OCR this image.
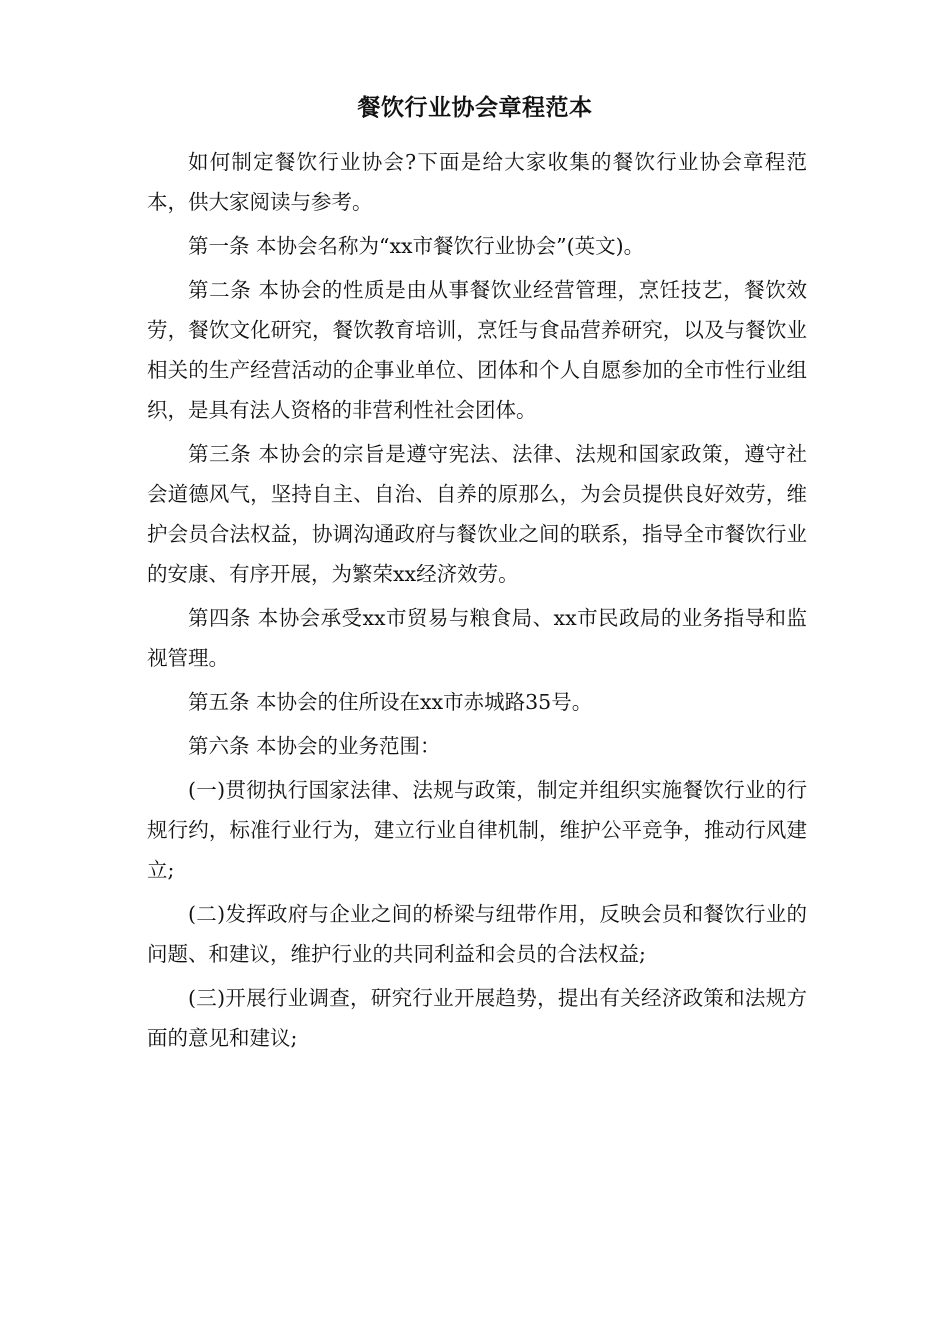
餐饮行业协会章程范本

如何制定餐饮行业协会?下面是给大家收集的餐饮行业协会章程范本，供大家阅读与参考。

第一条 本协会名称为“xx市餐饮行业协会”(英文)。

第二条 本协会的性质是由从事餐饮业经营管理，烹饪技艺，餐饮效劳，餐饮文化研究，餐饮教育培训，烹饪与食品营养研究，以及与餐饮业相关的生产经营活动的企事业单位、团体和个人自愿参加的全市性行业组织，是具有法人资格的非营利性社会团体。

第三条 本协会的宗旨是遵守宪法、法律、法规和国家政策，遵守社会道德风气，坚持自主、自治、自养的原那么，为会员提供良好效劳，维护会员合法权益，协调沟通政府与餐饮业之间的联系，指导全市餐饮行业的安康、有序开展，为繁荣xx经济效劳。

第四条 本协会承受xx市贸易与粮食局、xx市民政局的业务指导和监视管理。

第五条 本协会的住所设在xx市赤城路35号。

第六条 本协会的业务范围：

(一)贯彻执行国家法律、法规与政策，制定并组织实施餐饮行业的行规行约，标准行业行为，建立行业自律机制，维护公平竞争，推动行风建立;

(二)发挥政府与企业之间的桥梁与纽带作用，反映会员和餐饮行业的问题、和建议，维护行业的共同利益和会员的合法权益;

(三)开展行业调查，研究行业开展趋势，提出有关经济政策和法规方面的意见和建议;
